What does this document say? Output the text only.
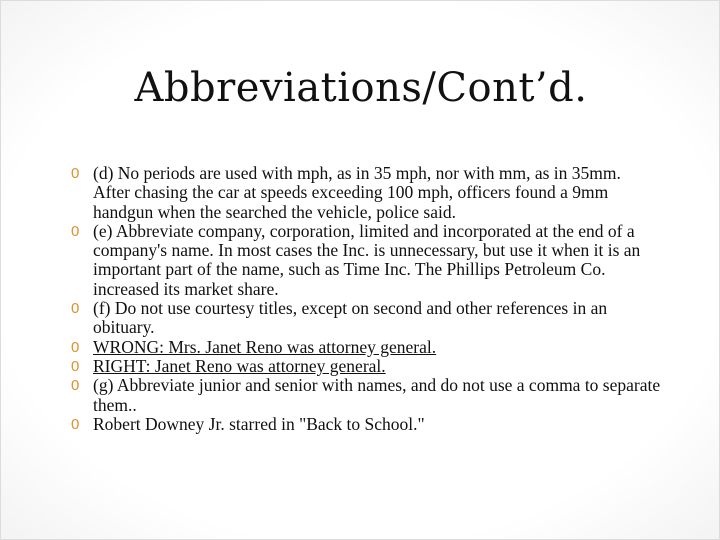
Abbreviations/Cont’d.
0 (d) No periods are used with mph, as in 35 mph, nor with mm, as in 35mm. After chasing the car at speeds exceeding 100 mph, officers found a 9mm handgun when the searched the vehicle, police said.
0 (e) Abbreviate company, corporation, limited and incorporated at the end of a company's name. In most cases the Inc. is unnecessary, but use it when it is an important part of the name, such as Time Inc. The Phillips Petroleum Co. increased its market share.
0 (f) Do not use courtesy titles, except on second and other references in an obituary.
0 WRONG: Mrs. Janet Reno was attorney general.
0 RIGHT: Janet Reno was attorney general.
0 (g) Abbreviate junior and senior with names, and do not use a comma to separate them..
0 Robert Downey Jr. starred in "Back to School."
